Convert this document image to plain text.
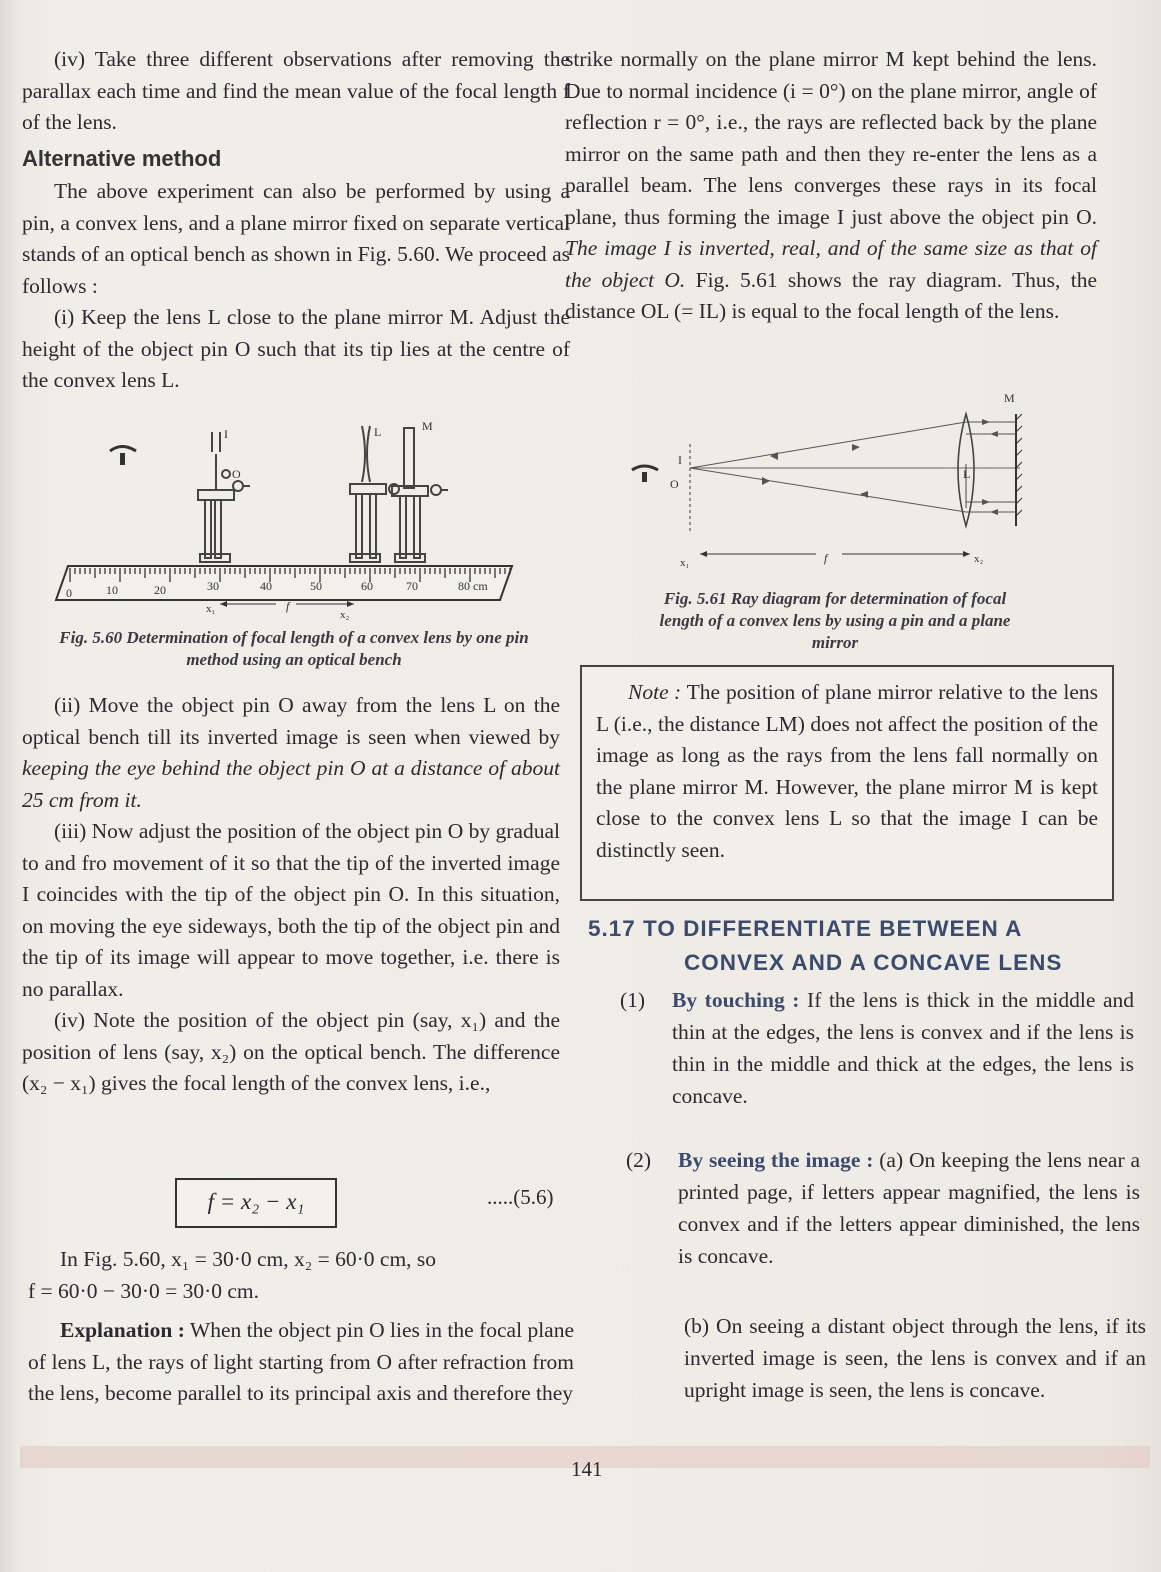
(iv) Take three different observations after removing the parallax each time and find the mean value of the focal length f of the lens.

Alternative method

The above experiment can also be performed by using a pin, a convex lens, and a plane mirror fixed on separate vertical stands of an optical bench as shown in Fig. 5.60. We proceed as follows :

(i) Keep the lens L close to the plane mirror M. Adjust the height of the object pin O such that its tip lies at the centre of the convex lens L.

0	10	20	30	40	50	60	70	80 cm
L	M
I
O
x₁	x₂
f
Fig. 5.60 Determination of focal length of a convex lens by one pin method using an optical bench

(ii) Move the object pin O away from the lens L on the optical bench till its inverted image is seen when viewed by keeping the eye behind the object pin O at a distance of about 25 cm from it.

(iii) Now adjust the position of the object pin O by gradual to and fro movement of it so that the tip of the inverted image I coincides with the tip of the object pin O. In this situation, on moving the eye sideways, both the tip of the object pin and the tip of its image will appear to move together, i.e. there is no parallax.

(iv) Note the position of the object pin (say, x₁) and the position of lens (say, x₂) on the optical bench. The difference (x₂ − x₁) gives the focal length of the convex lens, i.e.,

f = x₂ − x₁	.....(5.6)

In Fig. 5.60, x₁ = 30·0 cm, x₂ = 60·0 cm, so

f = 60·0 − 30·0 = 30·0 cm.

Explanation : When the object pin O lies in the focal plane of lens L, the rays of light starting from O after refraction from the lens, become parallel to its principal axis and therefore they

strike normally on the plane mirror M kept behind the lens. Due to normal incidence (i = 0°) on the plane mirror, angle of reflection r = 0°, i.e., the rays are reflected back by the plane mirror on the same path and then they re-enter the lens as a parallel beam. The lens converges these rays in its focal plane, thus forming the image I just above the object pin O. The image I is inverted, real, and of the same size as that of the object O. Fig. 5.61 shows the ray diagram. Thus, the distance OL (= IL) is equal to the focal length of the lens.

M
L
O
I
x₁	x₂
f
Fig. 5.61 Ray diagram for determination of focal length of a convex lens by using a pin and a plane mirror

Note : The position of plane mirror relative to the lens L (i.e., the distance LM) does not affect the position of the image as long as the rays from the lens fall normally on the plane mirror M. However, the plane mirror M is kept close to the convex lens L so that the image I can be distinctly seen.

5.17 TO DIFFERENTIATE BETWEEN A
CONVEX AND A CONCAVE LENS
(1) By touching : If the lens is thick in the middle and thin at the edges, the lens is convex and if the lens is thin in the middle and thick at the edges, the lens is concave.

(2) By seeing the image : (a) On keeping the lens near a printed page, if letters appear magnified, the lens is convex and if the letters appear diminished, the lens is concave.

(b) On seeing a distant object through the lens, if its inverted image is seen, the lens is convex and if an upright image is seen, the lens is concave.

141
